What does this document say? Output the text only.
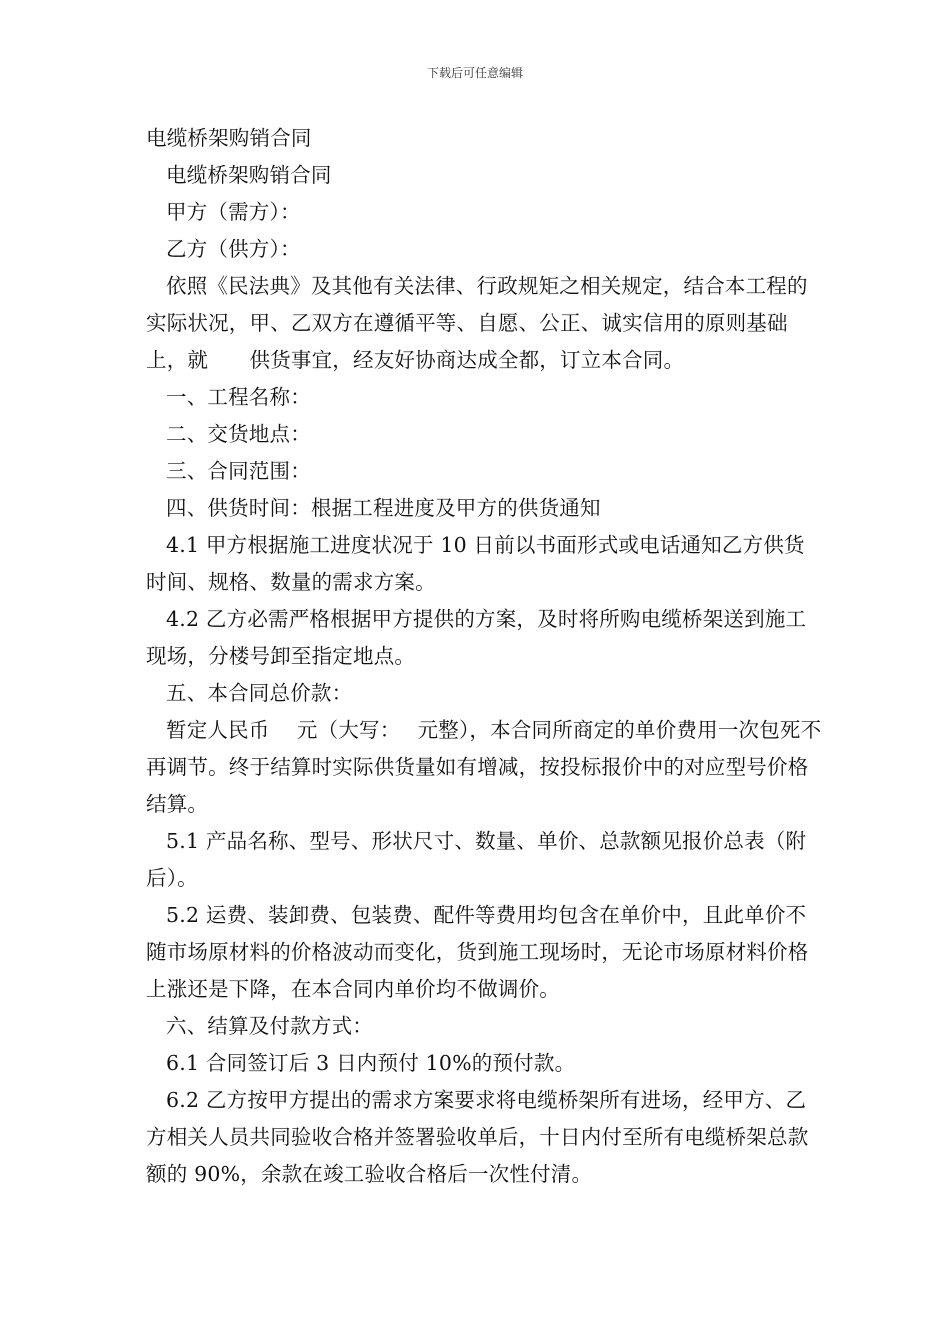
下载后可任意编辑

电缆桥架购销合同

电缆桥架购销合同

甲方（需方）：

乙方（供方）：

依照《民法典》及其他有关法律、行政规矩之相关规定，结合本工程的实际状况，甲、乙双方在遵循平等、自愿、公正、诚实信用的原则基础上，就　　供货事宜，经友好协商达成全都，订立本合同。

一、工程名称：

二、交货地点：

三、合同范围：

四、供货时间：根据工程进度及甲方的供货通知

4.1 甲方根据施工进度状况于 10 日前以书面形式或电话通知乙方供货时间、规格、数量的需求方案。

4.2 乙方必需严格根据甲方提供的方案，及时将所购电缆桥架送到施工现场，分楼号卸至指定地点。

五、本合同总价款：

暂定人民币　 元（大写：　 元整），本合同所商定的单价费用一次包死不再调节。终于结算时实际供货量如有增减，按投标报价中的对应型号价格结算。

5.1 产品名称、型号、形状尺寸、数量、单价、总款额见报价总表（附后）。

5.2 运费、装卸费、包装费、配件等费用均包含在单价中，且此单价不随市场原材料的价格波动而变化，货到施工现场时，无论市场原材料价格上涨还是下降，在本合同内单价均不做调价。

六、结算及付款方式：

6.1 合同签订后 3 日内预付 10%的预付款。

6.2 乙方按甲方提出的需求方案要求将电缆桥架所有进场，经甲方、乙方相关人员共同验收合格并签署验收单后，十日内付至所有电缆桥架总款额的 90%，余款在竣工验收合格后一次性付清。
